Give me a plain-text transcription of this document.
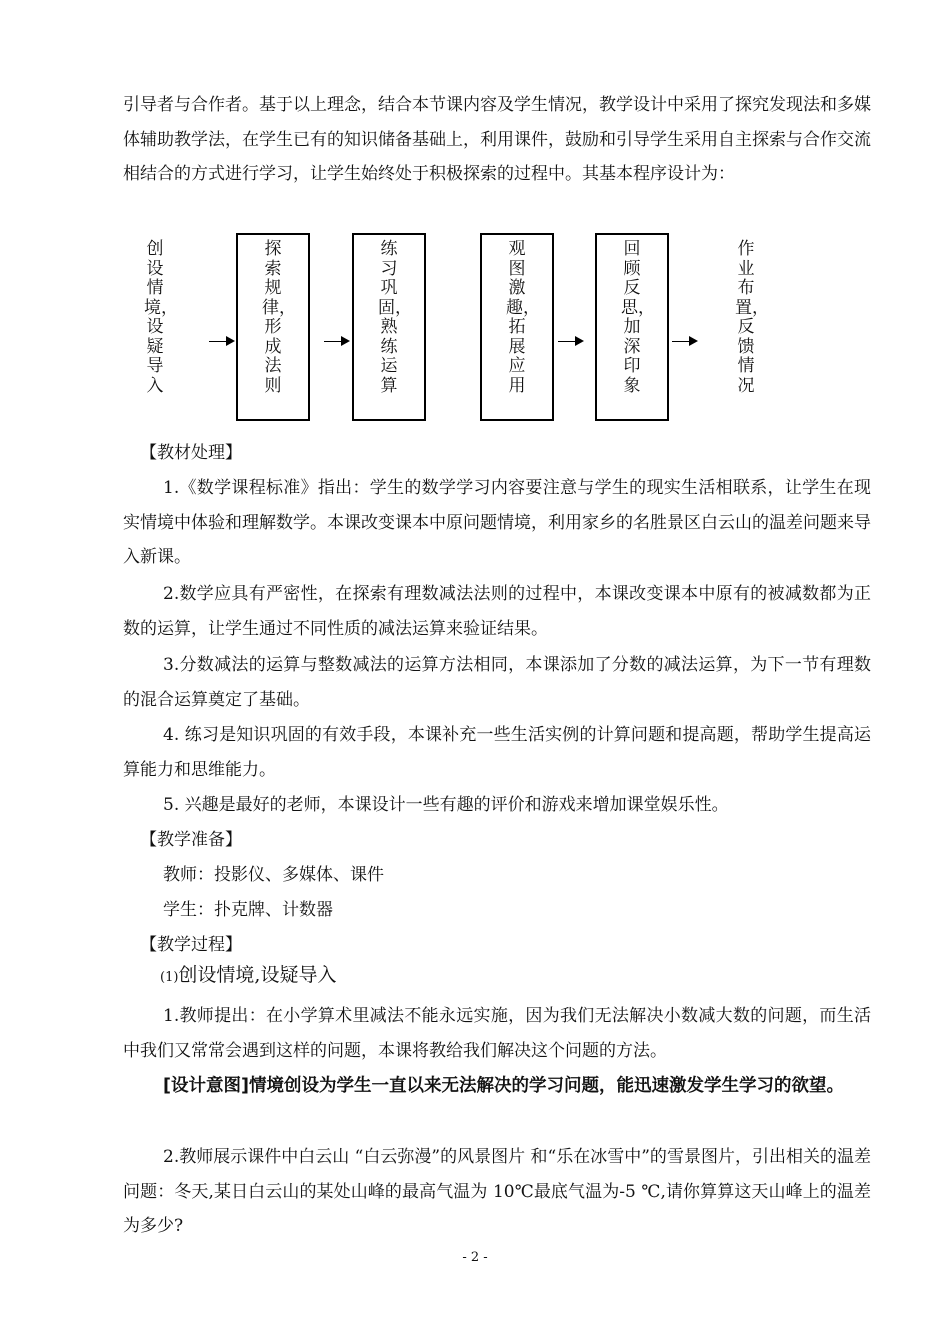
引导者与合作者。基于以上理念，结合本节课内容及学生情况，教学设计中采用了探究发现法和多媒体辅助教学法，在学生已有的知识储备基础上，利用课件，鼓励和引导学生采用自主探索与合作交流相结合的方式进行学习，让学生始终处于积极探索的过程中。其基本程序设计为：

创设情境，设疑导入
探索规律，形成法则
练习巩固，熟练运算
观图激趣，拓展应用
回顾反思，加深印象
作业布置，反馈情况
【教材处理】

1.《数学课程标准》指出：学生的数学学习内容要注意与学生的现实生活相联系，让学生在现实情境中体验和理解数学。本课改变课本中原问题情境，利用家乡的名胜景区白云山的温差问题来导入新课。

2.数学应具有严密性，在探索有理数减法法则的过程中，本课改变课本中原有的被减数都为正数的运算，让学生通过不同性质的减法运算来验证结果。

3.分数减法的运算与整数减法的运算方法相同，本课添加了分数的减法运算，为下一节有理数的混合运算奠定了基础。

4. 练习是知识巩固的有效手段，本课补充一些生活实例的计算问题和提高题，帮助学生提高运算能力和思维能力。

5. 兴趣是最好的老师，本课设计一些有趣的评价和游戏来增加课堂娱乐性。

【教学准备】

教师：投影仪、多媒体、课件

学生：扑克牌、计数器

【教学过程】
(1)创设情境,设疑导入

1.教师提出：在小学算术里减法不能永远实施，因为我们无法解决小数减大数的问题，而生活中我们又常常会遇到这样的问题，本课将教给我们解决这个问题的方法。

[设计意图]情境创设为学生一直以来无法解决的学习问题，能迅速激发学生学习的欲望。

2.教师展示课件中白云山 “白云弥漫”的风景图片 和“乐在冰雪中”的雪景图片，引出相关的温差问题：冬天,某日白云山的某处山峰的最高气温为 10℃最底气温为-5 ℃,请你算算这天山峰上的温差为多少?

- 2 -
